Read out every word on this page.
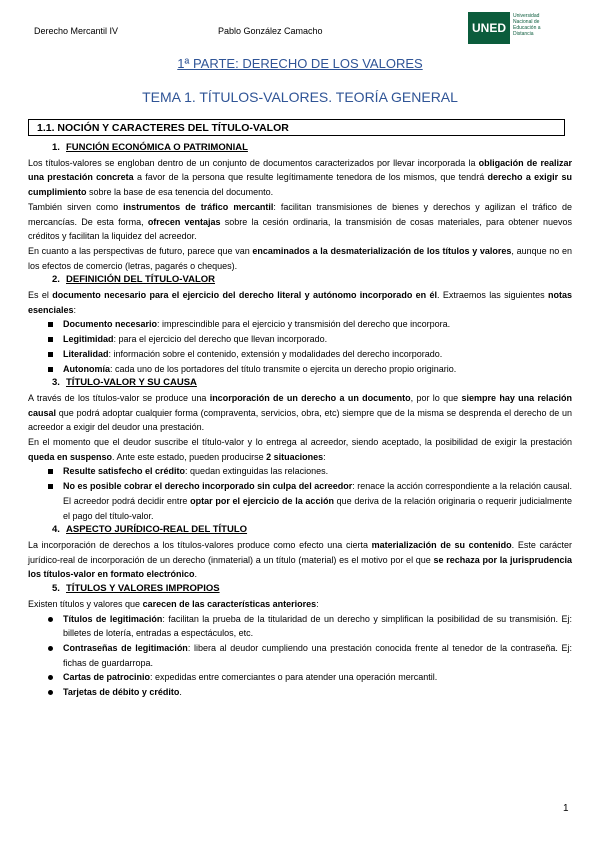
Derecho Mercantil IV	Pablo González Camacho	UNED
Universidad Nacional de Educación a Distancia
1ª PARTE: DERECHO DE LOS VALORES
TEMA 1. TÍTULOS-VALORES. TEORÍA GENERAL
1.1. NOCIÓN Y CARACTERES DEL TÍTULO-VALOR

1. FUNCIÓN ECONÓMICA O PATRIMONIAL

Los títulos-valores se engloban dentro de un conjunto de documentos caracterizados por llevar incorporada la obligación de realizar una prestación concreta a favor de la persona que resulte legítimamente tenedora de los mismos, que tendrá derecho a exigir su cumplimiento sobre la base de esa tenencia del documento.

También sirven como instrumentos de tráfico mercantil: facilitan transmisiones de bienes y derechos y agilizan el tráfico de mercancías. De esta forma, ofrecen ventajas sobre la cesión ordinaria, la transmisión de cosas materiales, para obtener nuevos créditos y facilitan la liquidez del acreedor.

En cuanto a las perspectivas de futuro, parece que van encaminados a la desmaterialización de los títulos y valores, aunque no en los efectos de comercio (letras, pagarés o cheques).

2. DEFINICIÓN DEL TÍTULO-VALOR

Es el documento necesario para el ejercicio del derecho literal y autónomo incorporado en él. Extraemos las siguientes notas esenciales:

Documento necesario: imprescindible para el ejercicio y transmisión del derecho que incorpora.
Legitimidad: para el ejercicio del derecho que llevan incorporado.
Literalidad: información sobre el contenido, extensión y modalidades del derecho incorporado.
Autonomía: cada uno de los portadores del título transmite o ejercita un derecho propio originario.

3. TÍTULO-VALOR Y SU CAUSA

A través de los títulos-valor se produce una incorporación de un derecho a un documento, por lo que siempre hay una relación causal que podrá adoptar cualquier forma (compraventa, servicios, obra, etc) siempre que de la misma se desprenda el derecho de un acreedor a exigir del deudor una prestación.

En el momento que el deudor suscribe el título-valor y lo entrega al acreedor, siendo aceptado, la posibilidad de exigir la prestación queda en suspenso. Ante este estado, pueden producirse 2 situaciones:

Resulte satisfecho el crédito: quedan extinguidas las relaciones.
No es posible cobrar el derecho incorporado sin culpa del acreedor: renace la acción correspondiente a la relación causal. El acreedor podrá decidir entre optar por el ejercicio de la acción que deriva de la relación originaria o requerir judicialmente el pago del título-valor.

4. ASPECTO JURÍDICO-REAL DEL TÍTULO

La incorporación de derechos a los títulos-valores produce como efecto una cierta materialización de su contenido. Este carácter jurídico-real de incorporación de un derecho (inmaterial) a un título (material) es el motivo por el que se rechaza por la jurisprudencia los títulos-valor en formato electrónico.

5. TÍTULOS Y VALORES IMPROPIOS

Existen títulos y valores que carecen de las características anteriores:

Títulos de legitimación: facilitan la prueba de la titularidad de un derecho y simplifican la posibilidad de su transmisión. Ej: billetes de lotería, entradas a espectáculos, etc.
Contraseñas de legitimación: libera al deudor cumpliendo una prestación conocida frente al tenedor de la contraseña. Ej: fichas de guardarropa.
Cartas de patrocinio: expedidas entre comerciantes o para atender una operación mercantil.
Tarjetas de débito y crédito.
1
